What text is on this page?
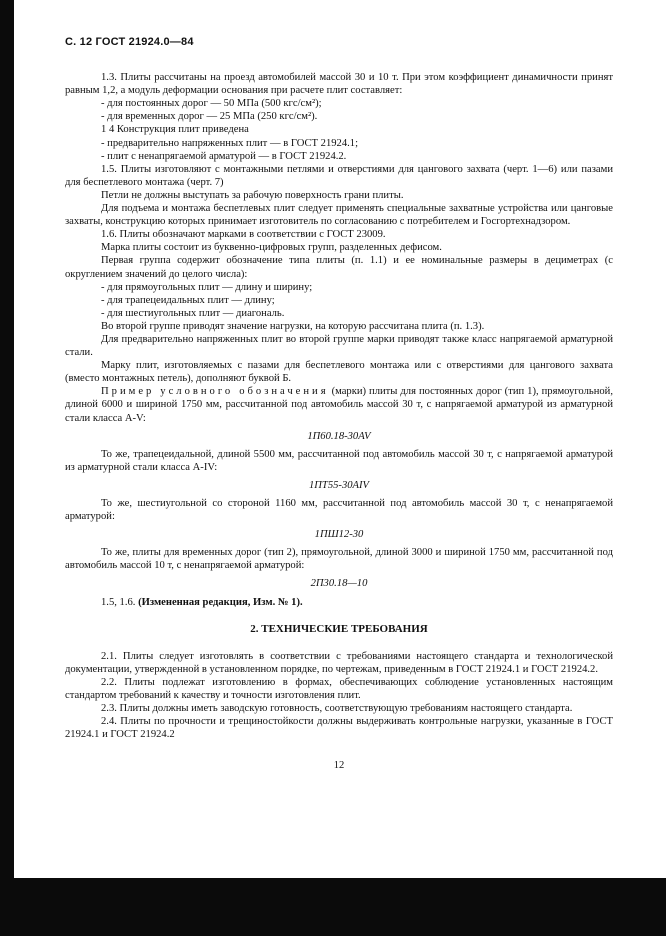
С. 12 ГОСТ 21924.0—84

1.3. Плиты рассчитаны на проезд автомобилей массой 30 и 10 т. При этом коэффициент динамичности принят равным 1,2, а модуль деформации основания при расчете плит составляет:

- для постоянных дорог — 50 МПа (500 кгс/см²);

- для временных дорог — 25 МПа (250 кгс/см²).

1 4 Конструкция плит приведена

- предварительно напряженных плит — в ГОСТ 21924.1;

- плит с ненапрягаемой арматурой — в ГОСТ 21924.2.

1.5. Плиты изготовляют с монтажными петлями и отверстиями для цангового захвата (черт. 1—6) или пазами для беспетлевого монтажа (черт. 7)

Петли не должны выступать за рабочую поверхность грани плиты.

Для подъема и монтажа беспетлевых плит следует применять специальные захватные устройства или цанговые захваты, конструкцию которых принимает изготовитель по согласованию с потребителем и Госгортехнадзором.

1.6. Плиты обозначают марками в соответствии с ГОСТ 23009.

Марка плиты состоит из буквенно-цифровых групп, разделенных дефисом.

Первая группа содержит обозначение типа плиты (п. 1.1) и ее номинальные размеры в дециметрах (с округлением значений до целого числа):

- для прямоугольных плит — длину и ширину;

- для трапецеидальных плит — длину;

- для шестиугольных плит — диагональ.

Во второй группе приводят значение нагрузки, на которую рассчитана плита (п. 1.3).

Для предварительно напряженных плит во второй группе марки приводят также класс напрягаемой арматурной стали.

Марку плит, изготовляемых с пазами для беспетлевого монтажа или с отверстиями для цангового захвата (вместо монтажных петель), дополняют буквой Б.

Пример условного обозначения (марки) плиты для постоянных дорог (тип 1), прямоугольной, длиной 6000 и шириной 1750 мм, рассчитанной под автомобиль массой 30 т, с напрягаемой арматурой из арматурной стали класса А-V:

1П60.18-30AV

То же, трапецеидальной, длиной 5500 мм, рассчитанной под автомобиль массой 30 т, с напрягаемой арматурой из арматурной стали класса А-IV:

1ПТ55-30AIV

То же, шестиугольной со стороной 1160 мм, рассчитанной под автомобиль массой 30 т, с ненапрягаемой арматурой:

1ПШ12-30

То же, плиты для временных дорог (тип 2), прямоугольной, длиной 3000 и шириной 1750 мм, рассчитанной под автомобиль массой 10 т, с ненапрягаемой арматурой:

2П30.18—10

1.5, 1.6. (Измененная редакция, Изм. № 1).

2. ТЕХНИЧЕСКИЕ ТРЕБОВАНИЯ

2.1. Плиты следует изготовлять в соответствии с требованиями настоящего стандарта и технологической документации, утвержденной в установленном порядке, по чертежам, приведенным в ГОСТ 21924.1 и ГОСТ 21924.2.

2.2. Плиты подлежат изготовлению в формах, обеспечивающих соблюдение установленных настоящим стандартом требований к качеству и точности изготовления плит.

2.3. Плиты должны иметь заводскую готовность, соответствующую требованиям настоящего стандарта.

2.4. Плиты по прочности и трещиностойкости должны выдерживать контрольные нагрузки, указанные в ГОСТ 21924.1 и ГОСТ 21924.2

12
